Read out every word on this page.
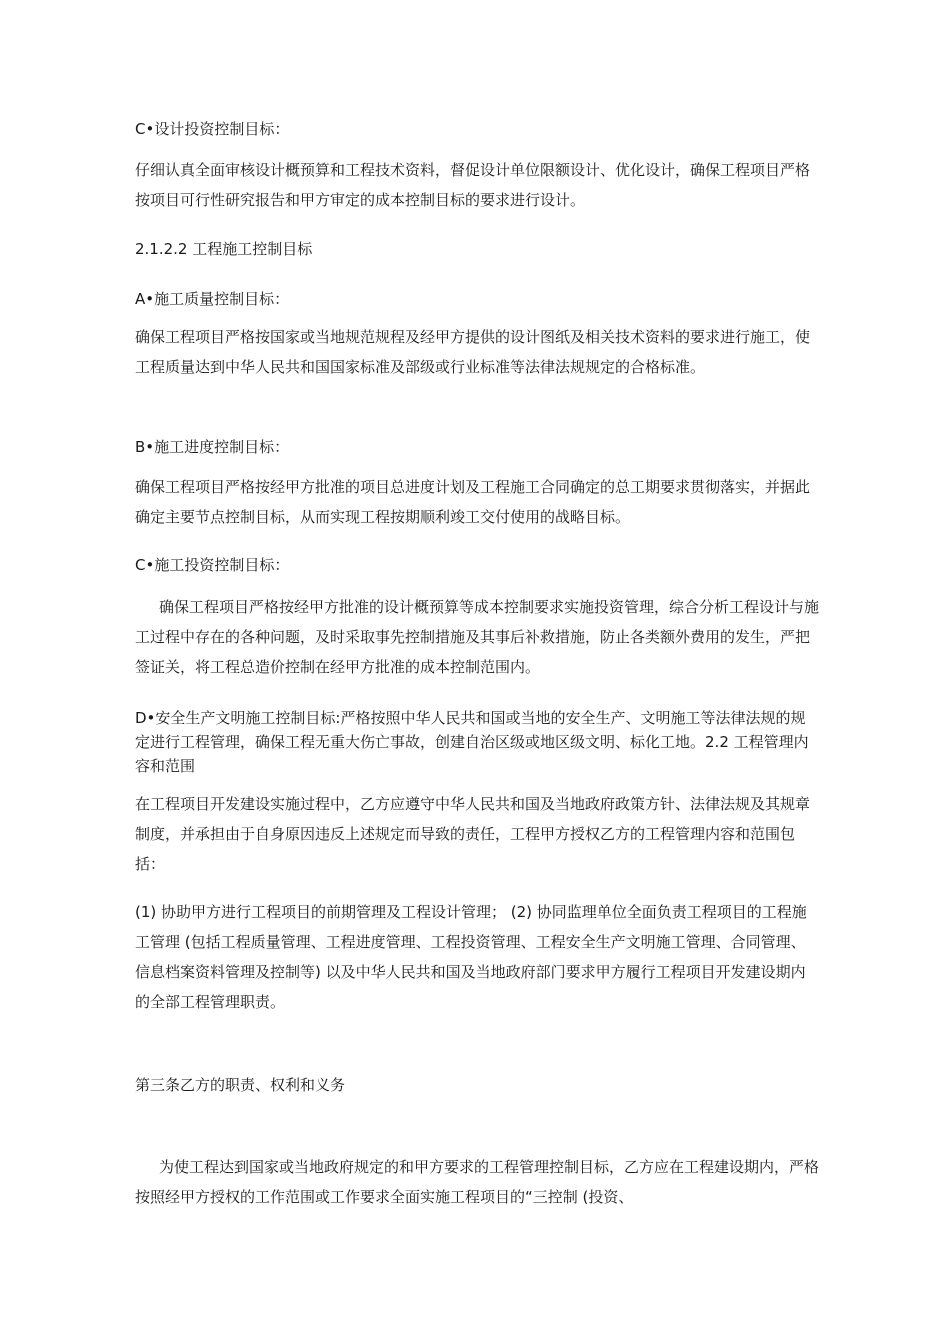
C•设计投资控制目标：

仔细认真全面审核设计概预算和工程技术资料，督促设计单位限额设计、优化设计，确保工程项目严格按项目可行性研究报告和甲方审定的成本控制目标的要求进行设计。

2.1.2.2 工程施工控制目标

A•施工质量控制目标：

确保工程项目严格按国家或当地规范规程及经甲方提供的设计图纸及相关技术资料的要求进行施工，使工程质量达到中华人民共和国国家标准及部级或行业标准等法律法规规定的合格标准。

B•施工进度控制目标：

确保工程项目严格按经甲方批准的项目总进度计划及工程施工合同确定的总工期要求贯彻落实，并据此确定主要节点控制目标，从而实现工程按期顺利竣工交付使用的战略目标。

C•施工投资控制目标：

确保工程项目严格按经甲方批准的设计概预算等成本控制要求实施投资管理，综合分析工程设计与施工过程中存在的各种问题，及时采取事先控制措施及其事后补救措施，防止各类额外费用的发生，严把签证关，将工程总造价控制在经甲方批准的成本控制范围内。

D•安全生产文明施工控制目标:严格按照中华人民共和国或当地的安全生产、文明施工等法律法规的规定进行工程管理，确保工程无重大伤亡事故，创建自治区级或地区级文明、标化工地。2.2 工程管理内容和范围

在工程项目开发建设实施过程中，乙方应遵守中华人民共和国及当地政府政策方针、法律法规及其规章制度，并承担由于自身原因违反上述规定而导致的责任，工程甲方授权乙方的工程管理内容和范围包括：

(1) 协助甲方进行工程项目的前期管理及工程设计管理； (2) 协同监理单位全面负责工程项目的工程施工管理 (包括工程质量管理、工程进度管理、工程投资管理、工程安全生产文明施工管理、合同管理、信息档案资料管理及控制等) 以及中华人民共和国及当地政府部门要求甲方履行工程项目开发建设期内的全部工程管理职责。

第三条乙方的职责、权利和义务

为使工程达到国家或当地政府规定的和甲方要求的工程管理控制目标，乙方应在工程建设期内，严格按照经甲方授权的工作范围或工作要求全面实施工程项目的“三控制 (投资、
